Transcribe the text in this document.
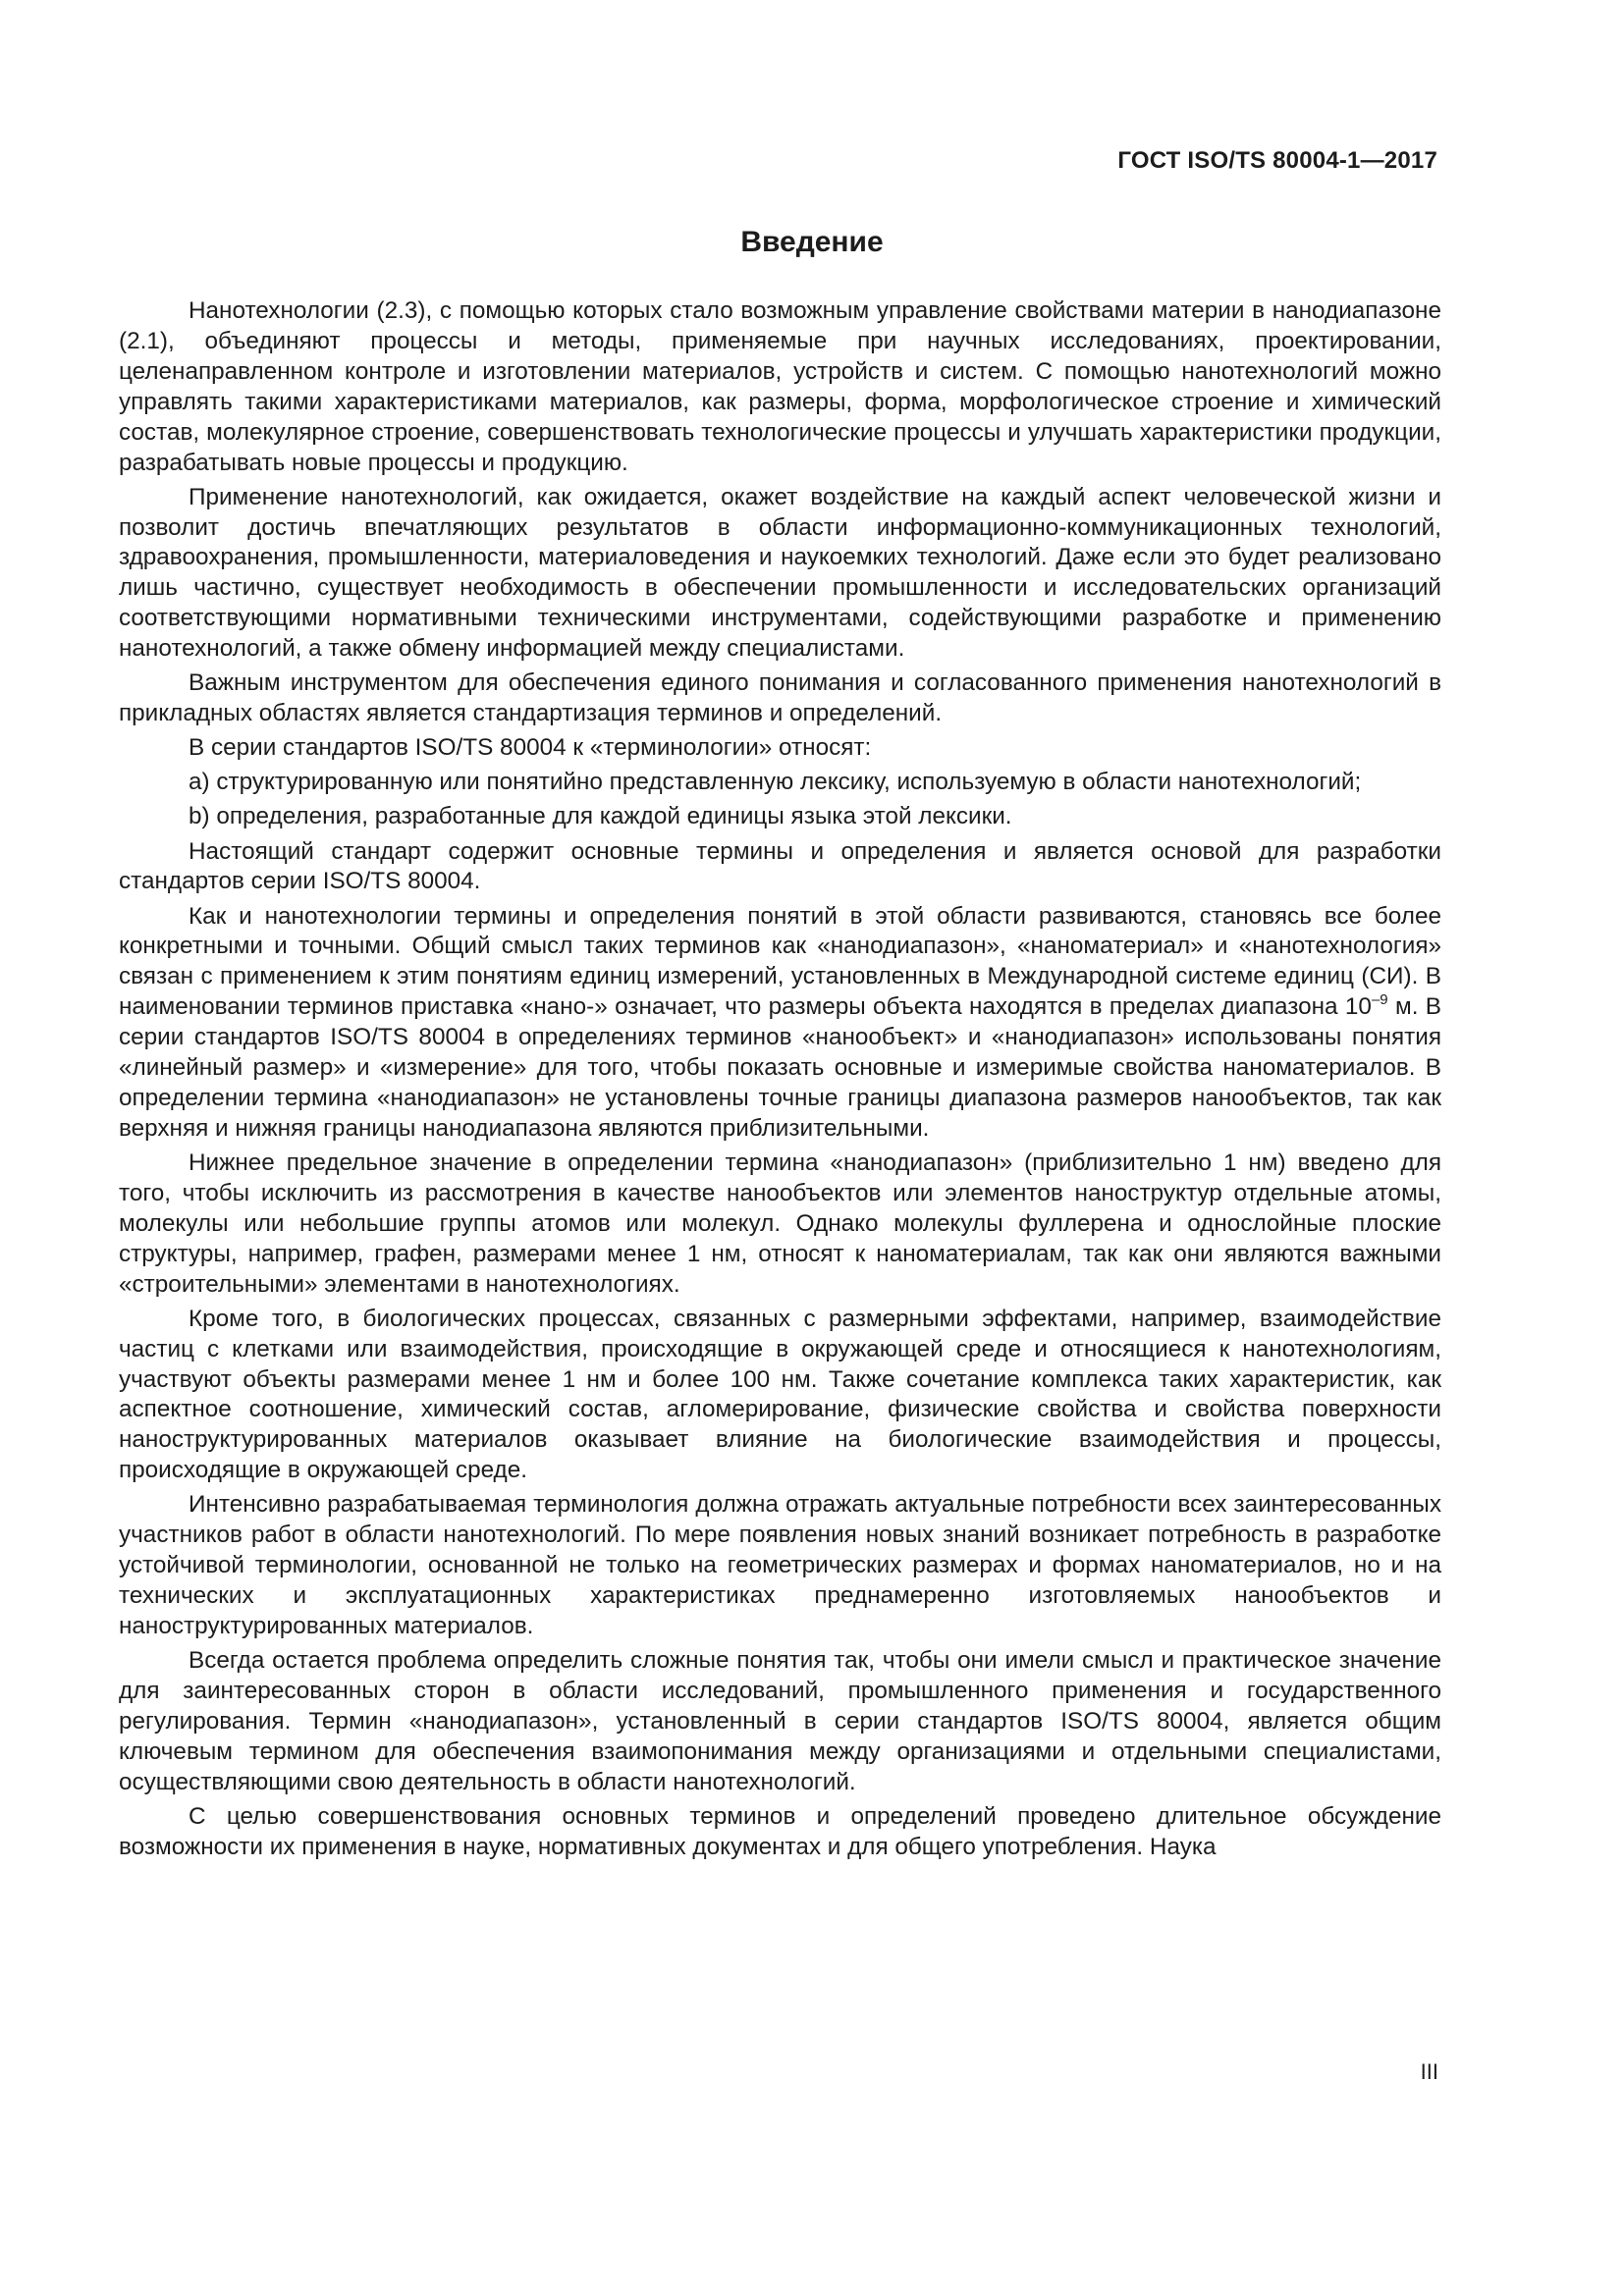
ГОСТ ISO/TS 80004-1—2017
Введение

Нанотехнологии (2.3), с помощью которых стало возможным управление свойствами материи в нанодиапазоне (2.1), объединяют процессы и методы, применяемые при научных исследованиях, проектировании, целенаправленном контроле и изготовлении материалов, устройств и систем. С помощью нанотехнологий можно управлять такими характеристиками материалов, как размеры, форма, морфологическое строение и химический состав, молекулярное строение, совершенствовать технологические процессы и улучшать характеристики продукции, разрабатывать новые процессы и продукцию.

Применение нанотехнологий, как ожидается, окажет воздействие на каждый аспект человеческой жизни и позволит достичь впечатляющих результатов в области информационно-коммуникационных технологий, здравоохранения, промышленности, материаловедения и наукоемких технологий. Даже если это будет реализовано лишь частично, существует необходимость в обеспечении промышленности и исследовательских организаций соответствующими нормативными техническими инструментами, содействующими разработке и применению нанотехнологий, а также обмену информацией между специалистами.

Важным инструментом для обеспечения единого понимания и согласованного применения нанотехнологий в прикладных областях является стандартизация терминов и определений.

В серии стандартов ISO/TS 80004 к «терминологии» относят:

а) структурированную или понятийно представленную лексику, используемую в области нанотехнологий;

b) определения, разработанные для каждой единицы языка этой лексики.

Настоящий стандарт содержит основные термины и определения и является основой для разработки стандартов серии ISO/TS 80004.

Как и нанотехнологии термины и определения понятий в этой области развиваются, становясь все более конкретными и точными. Общий смысл таких терминов как «нанодиапазон», «наноматериал» и «нанотехнология» связан с применением к этим понятиям единиц измерений, установленных в Международной системе единиц (СИ). В наименовании терминов приставка «нано-» означает, что размеры объекта находятся в пределах диапазона $10^{-9}$ м. В серии стандартов ISO/TS 80004 в определениях терминов «нанообъект» и «нанодиапазон» использованы понятия «линейный размер» и «измерение» для того, чтобы показать основные и измеримые свойства наноматериалов. В определении термина «нанодиапазон» не установлены точные границы диапазона размеров нанообъектов, так как верхняя и нижняя границы нанодиапазона являются приблизительными.

Нижнее предельное значение в определении термина «нанодиапазон» (приблизительно 1 нм) введено для того, чтобы исключить из рассмотрения в качестве нанообъектов или элементов наноструктур отдельные атомы, молекулы или небольшие группы атомов или молекул. Однако молекулы фуллерена и однослойные плоские структуры, например, графен, размерами менее 1 нм, относят к наноматериалам, так как они являются важными «строительными» элементами в нанотехнологиях.

Кроме того, в биологических процессах, связанных с размерными эффектами, например, взаимодействие частиц с клетками или взаимодействия, происходящие в окружающей среде и относящиеся к нанотехнологиям, участвуют объекты размерами менее 1 нм и более 100 нм. Также сочетание комплекса таких характеристик, как аспектное соотношение, химический состав, агломерирование, физические свойства и свойства поверхности наноструктурированных материалов оказывает влияние на биологические взаимодействия и процессы, происходящие в окружающей среде.

Интенсивно разрабатываемая терминология должна отражать актуальные потребности всех заинтересованных участников работ в области нанотехнологий. По мере появления новых знаний возникает потребность в разработке устойчивой терминологии, основанной не только на геометрических размерах и формах наноматериалов, но и на технических и эксплуатационных характеристиках преднамеренно изготовляемых нанообъектов и наноструктурированных материалов.

Всегда остается проблема определить сложные понятия так, чтобы они имели смысл и практическое значение для заинтересованных сторон в области исследований, промышленного применения и государственного регулирования. Термин «нанодиапазон», установленный в серии стандартов ISO/TS 80004, является общим ключевым термином для обеспечения взаимопонимания между организациями и отдельными специалистами, осуществляющими свою деятельность в области нанотехнологий.

С целью совершенствования основных терминов и определений проведено длительное обсуждение возможности их применения в науке, нормативных документах и для общего употребления. Наука

III
